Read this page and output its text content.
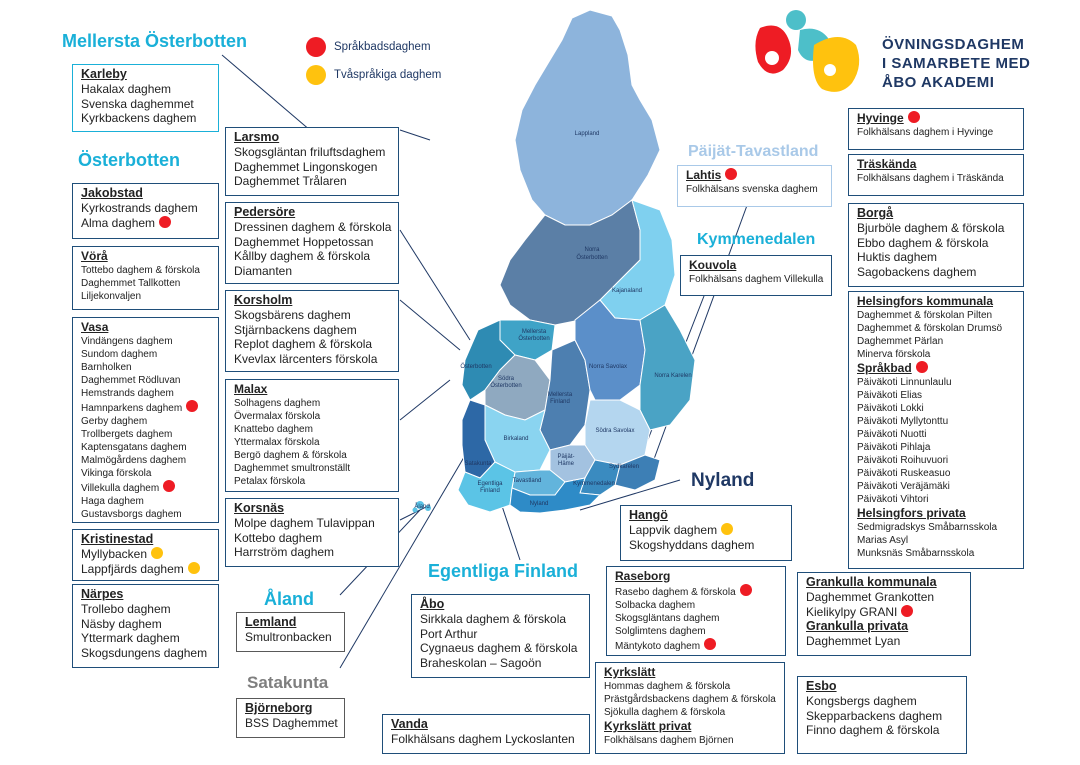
Lappland
Norra
Österbotten
Kajanaland
Mellersta
Österbotten
Österbotten
Södra
Österbotten
Mellersta
Finland
Norra Savolax
Norra Karelen
Satakunta
Birkaland
Södra Savolax
Päijät-
Häme	Sydkarelen
Egentliga
Finland
Tavastland	Kymmenedalen
Nyland
Åland
Språkbadsdaghem
Tvåspråkiga daghem
ÖVNINGSDAGHEM
I SAMARBETE MED
ÅBO AKADEMI
Mellersta Österbotten
Österbotten
Åland
Satakunta
Egentliga Finland
Nyland
Päijät-Tavastland
Kymmenedalen
Karleby
Hakalax daghem
Svenska daghemmet
Kyrkbackens daghem
Jakobstad
Kyrkostrands daghem
Alma daghem
Vörå
Tottebo daghem & förskola
Daghemmet Tallkotten
Liljekonvaljen
Vasa
Vindängens daghem
Sundom daghem
Barnholken
Daghemmet Rödluvan
Hemstrands daghem
Hamnparkens daghem
Gerby daghem
Trollbergets daghem
Kaptensgatans daghem
Malmögårdens daghem
Vikinga förskola
Villekulla daghem
Haga daghem
Gustavsborgs daghem
Kristinestad
Myllybacken
Lappfjärds daghem
Närpes
Trollebo daghem
Näsby daghem
Yttermark daghem
Skogsdungens daghem
Larsmo
Skogsgläntan friluftsdaghem
Daghemmet Lingonskogen
Daghemmet Trålaren
Pedersöre
Dressinen daghem & förskola
Daghemmet Hoppetossan
Kållby daghem & förskola
Diamanten
Korsholm
Skogsbärens daghem
Stjärnbackens daghem
Replot daghem & förskola
Kvevlax lärcenters förskola
Malax
Solhagens daghem
Övermalax förskola
Knattebo daghem
Yttermalax förskola
Bergö daghem & förskola
Daghemmet smultronställt
Petalax förskola
Korsnäs
Molpe daghem Tulavippan
Kottebo daghem
Harrström daghem
Lemland
Smultronbacken
Björneborg
BSS Daghemmet	Vanda
Folkhälsans daghem Lyckoslanten
Åbo
Sirkkala daghem & förskola
Port Arthur
Cygnaeus daghem & förskola
Braheskolan – Sagoön
Kyrkslätt
Hommas daghem & förskola
Prästgårdsbackens daghem & förskola
Sjökulla daghem & förskola
Kyrkslätt privat
Folkhälsans daghem Björnen
Raseborg
Rasebo daghem & förskola
Solbacka daghem
Skogsgläntans daghem
Solglimtens daghem
Mäntykoto daghem
Hangö
Lappvik daghem
Skogshyddans daghem
Lahtis
Folkhälsans svenska daghem
Kouvola
Folkhälsans daghem Villekulla
Hyvinge
Folkhälsans daghem i Hyvinge
Träskända
Folkhälsans daghem i Träskända
Borgå
Bjurböle daghem & förskola
Ebbo daghem & förskola
Huktis daghem
Sagobackens daghem
Helsingfors kommunala
Daghemmet & förskolan Pilten
Daghemmet & förskolan Drumsö
Daghemmet Pärlan
Minerva förskola
Språkbad
Päiväkoti Linnunlaulu
Päiväkoti Elias
Päiväkoti Lokki
Päiväkoti Myllytonttu
Päiväkoti Nuotti
Päiväkoti Pihlaja
Päiväkoti Roihuvuori
Päiväkoti Ruskeasuo
Päiväkoti Veräjämäki
Päiväkoti Vihtori
Helsingfors privata
Sedmigradskys Småbarnsskola
Marias Asyl
Munksnäs Småbarnsskola
Grankulla kommunala
Daghemmet Grankotten
Kielikylpy GRANI
Grankulla privata
Daghemmet Lyan
Esbo
Kongsbergs daghem
Skepparbackens daghem
Finno daghem & förskola
